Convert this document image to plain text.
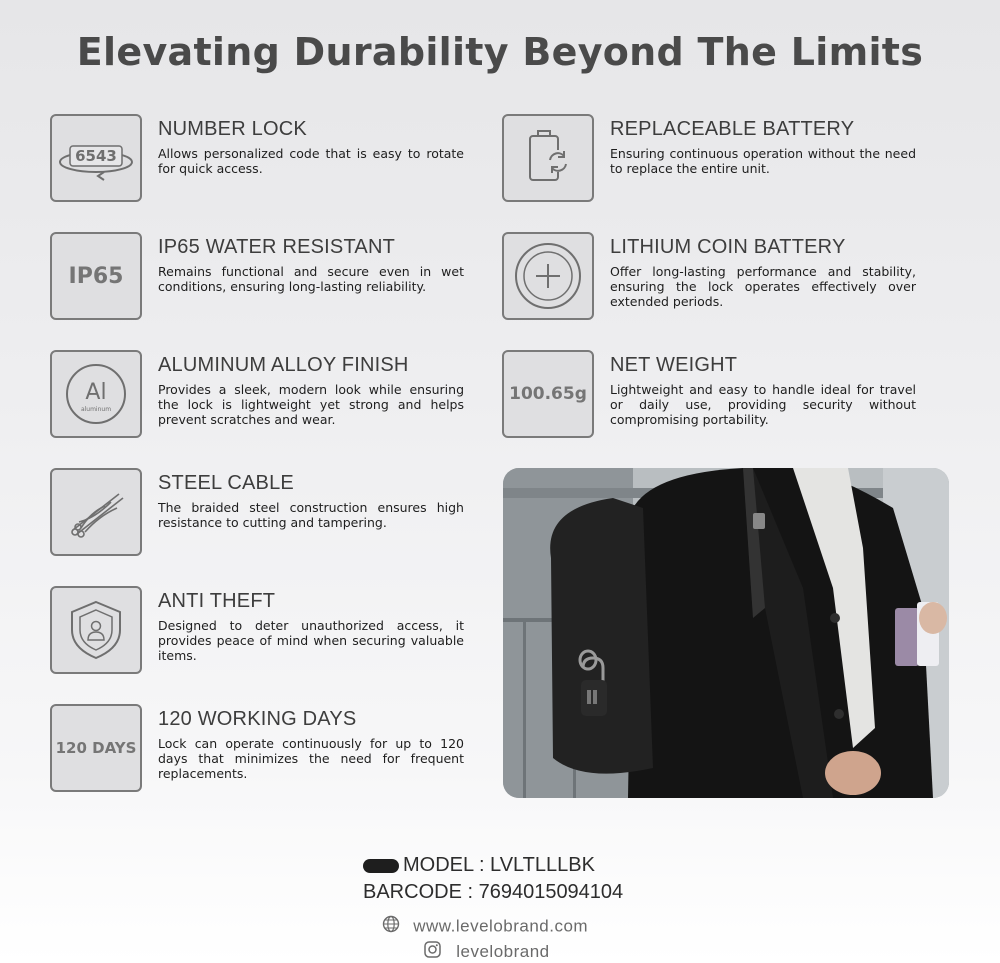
Elevating Durability Beyond The Limits
6543
NUMBER LOCK
Allows personalized code that is easy to rotate for quick access.
IP65
IP65 WATER RESISTANT
Remains functional and secure even in wet conditions, ensuring long-lasting reliability.
Al
aluminum
ALUMINUM ALLOY FINISH
Provides a sleek, modern look while ensuring the lock is lightweight yet strong and helps prevent scratches and wear.
STEEL CABLE
The braided steel construction ensures high resistance to cutting and tampering.
ANTI THEFT
Designed to deter unauthorized access, it provides peace of mind when securing valuable items.
120 DAYS
120 WORKING DAYS
Lock can operate continuously for up to 120 days that minimizes the need for frequent replacements.
REPLACEABLE BATTERY
Ensuring continuous operation without the need to replace the entire unit.
LITHIUM COIN BATTERY
Offer long-lasting performance and stability, ensuring the lock operates effectively over extended periods.
100.65g
NET WEIGHT
Lightweight and easy to handle ideal for travel or daily use, providing security without compromising portability.
MODEL : LVLTLLLBK
BARCODE : 7694015094104
www.levelobrand.com
levelobrand
